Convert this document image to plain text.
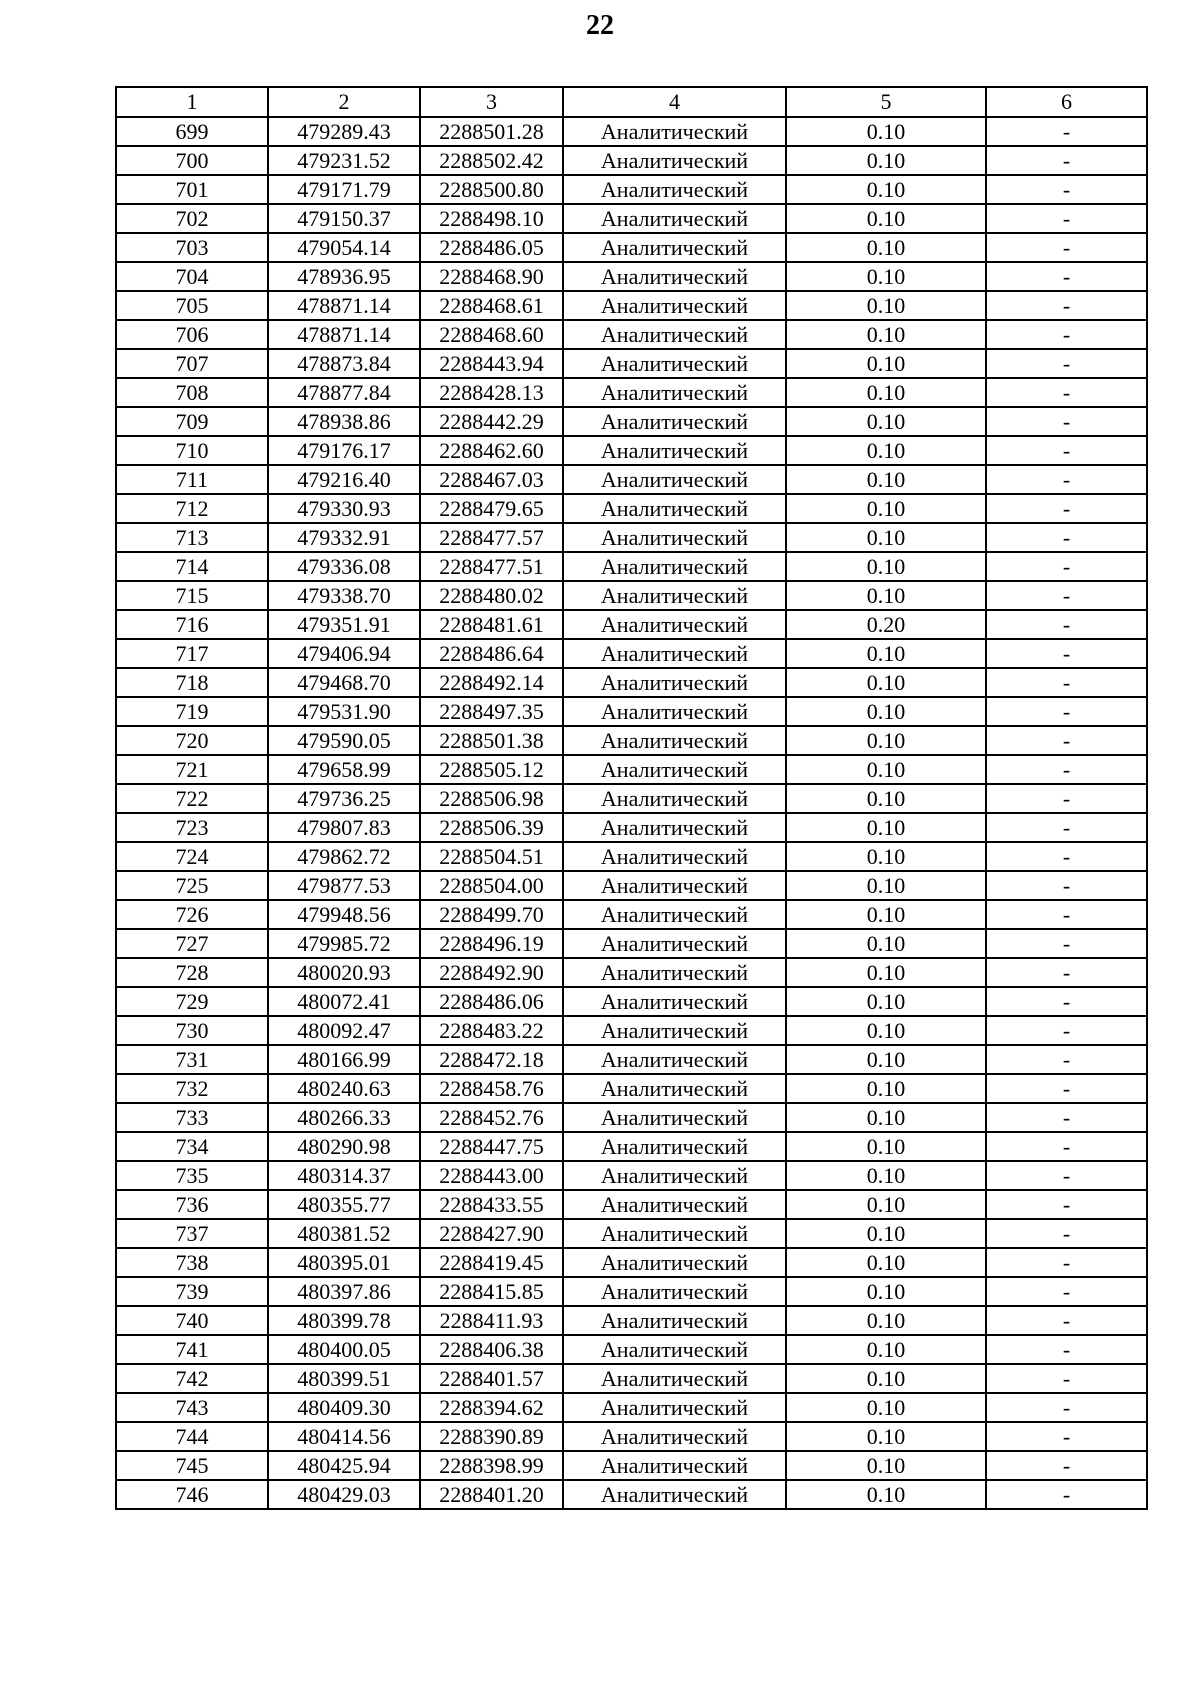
22
1	2	3	4	5	6
699	479289.43	2288501.28	Аналитический	0.10	-
700	479231.52	2288502.42	Аналитический	0.10	-
701	479171.79	2288500.80	Аналитический	0.10	-
702	479150.37	2288498.10	Аналитический	0.10	-
703	479054.14	2288486.05	Аналитический	0.10	-
704	478936.95	2288468.90	Аналитический	0.10	-
705	478871.14	2288468.61	Аналитический	0.10	-
706	478871.14	2288468.60	Аналитический	0.10	-
707	478873.84	2288443.94	Аналитический	0.10	-
708	478877.84	2288428.13	Аналитический	0.10	-
709	478938.86	2288442.29	Аналитический	0.10	-
710	479176.17	2288462.60	Аналитический	0.10	-
711	479216.40	2288467.03	Аналитический	0.10	-
712	479330.93	2288479.65	Аналитический	0.10	-
713	479332.91	2288477.57	Аналитический	0.10	-
714	479336.08	2288477.51	Аналитический	0.10	-
715	479338.70	2288480.02	Аналитический	0.10	-
716	479351.91	2288481.61	Аналитический	0.20	-
717	479406.94	2288486.64	Аналитический	0.10	-
718	479468.70	2288492.14	Аналитический	0.10	-
719	479531.90	2288497.35	Аналитический	0.10	-
720	479590.05	2288501.38	Аналитический	0.10	-
721	479658.99	2288505.12	Аналитический	0.10	-
722	479736.25	2288506.98	Аналитический	0.10	-
723	479807.83	2288506.39	Аналитический	0.10	-
724	479862.72	2288504.51	Аналитический	0.10	-
725	479877.53	2288504.00	Аналитический	0.10	-
726	479948.56	2288499.70	Аналитический	0.10	-
727	479985.72	2288496.19	Аналитический	0.10	-
728	480020.93	2288492.90	Аналитический	0.10	-
729	480072.41	2288486.06	Аналитический	0.10	-
730	480092.47	2288483.22	Аналитический	0.10	-
731	480166.99	2288472.18	Аналитический	0.10	-
732	480240.63	2288458.76	Аналитический	0.10	-
733	480266.33	2288452.76	Аналитический	0.10	-
734	480290.98	2288447.75	Аналитический	0.10	-
735	480314.37	2288443.00	Аналитический	0.10	-
736	480355.77	2288433.55	Аналитический	0.10	-
737	480381.52	2288427.90	Аналитический	0.10	-
738	480395.01	2288419.45	Аналитический	0.10	-
739	480397.86	2288415.85	Аналитический	0.10	-
740	480399.78	2288411.93	Аналитический	0.10	-
741	480400.05	2288406.38	Аналитический	0.10	-
742	480399.51	2288401.57	Аналитический	0.10	-
743	480409.30	2288394.62	Аналитический	0.10	-
744	480414.56	2288390.89	Аналитический	0.10	-
745	480425.94	2288398.99	Аналитический	0.10	-
746	480429.03	2288401.20	Аналитический	0.10	-
